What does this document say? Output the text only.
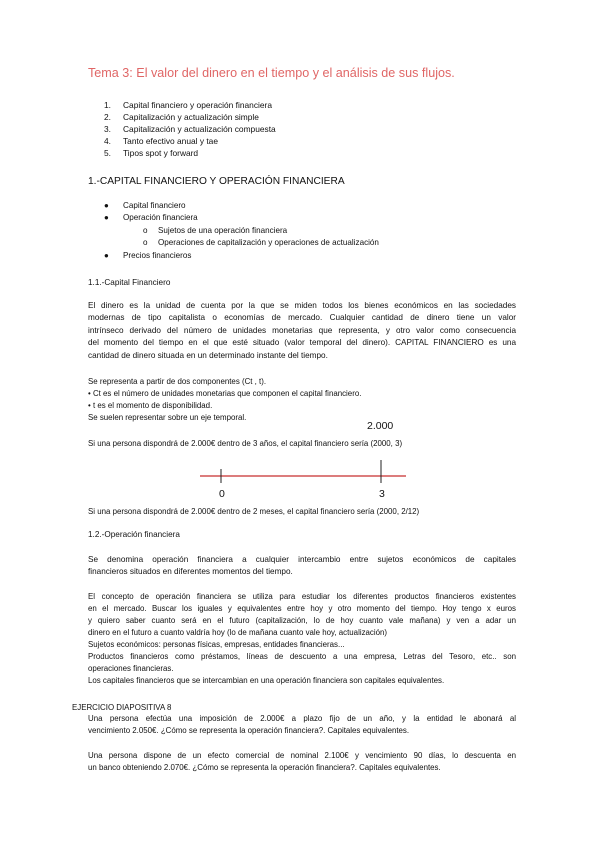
Tema 3: El valor del dinero en el tiempo y el análisis de sus flujos.
1. Capital financiero y operación financiera
2. Capitalización y actualización simple
3. Capitalización y actualización compuesta
4. Tanto efectivo anual y tae
5. Tipos spot y forward
1.-CAPITAL FINANCIERO Y OPERACIÓN FINANCIERA
● Capital financiero
● Operación financiera
o Sujetos de una operación financiera
o Operaciones de capitalización y operaciones de actualización
● Precios financieros
1.1.-Capital Financiero
El dinero es la unidad de cuenta por la que se miden todos los bienes económicos en las sociedades
modernas de tipo capitalista o economías de mercado. Cualquier cantidad de dinero tiene un valor
intrínseco derivado del número de unidades monetarias que representa, y otro valor como consecuencia
del momento del tiempo en el que esté situado (valor temporal del dinero). CAPITAL FINANCIERO es una
cantidad de dinero situada en un determinado instante del tiempo.
Se representa a partir de dos componentes (Ct , t).
• Ct es el número de unidades monetarias que componen el capital financiero.
• t es el momento de disponibilidad.
Se suelen representar sobre un eje temporal.
Si una persona dispondrá de 2.000€ dentro de 3 años, el capital financiero sería (2000, 3)
2.000
0	3
Si una persona dispondrá de 2.000€ dentro de 2 meses, el capital financiero sería (2000, 2/12)
1.2.-Operación financiera
Se denomina operación financiera a cualquier intercambio entre sujetos económicos de capitales
financieros situados en diferentes momentos del tiempo.
El concepto de operación financiera se utiliza para estudiar los diferentes productos financieros existentes
en el mercado. Buscar los iguales y equivalentes entre hoy y otro momento del tiempo. Hoy tengo x euros
y quiero saber cuanto será en el futuro (capitalización, lo de hoy cuanto vale mañana) y ven a adar un
dinero en el futuro a cuanto valdría hoy (lo de mañana cuanto vale hoy, actualización)
Sujetos económicos: personas físicas, empresas, entidades financieras...
Productos financieros como préstamos, líneas de descuento a una empresa, Letras del Tesoro, etc.. son
operaciones financieras.
Los capitales financieros que se intercambian en una operación financiera son capitales equivalentes.
EJERCICIO DIAPOSITIVA 8
Una persona efectúa una imposición de 2.000€ a plazo fijo de un año, y la entidad le abonará al
vencimiento 2.050€. ¿Cómo se representa la operación financiera?. Capitales equivalentes.
Una persona dispone de un efecto comercial de nominal 2.100€ y vencimiento 90 días, lo descuenta en
un banco obteniendo 2.070€. ¿Cómo se representa la operación financiera?. Capitales equivalentes.
